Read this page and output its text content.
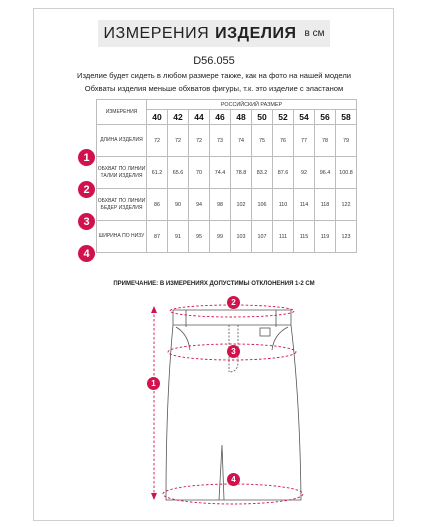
ИЗМЕРЕНИЯ ИЗДЕЛИЯ в см
D56.055
Изделие будет сидеть в любом размере также, как на фото на нашей модели
Обхваты изделия меньше обхватов фигуры, т.к. это изделие с эластаном
1
2
3
4
ИЗМЕРЕНИЯ	РОССИЙСКИЙ РАЗМЕР									
	40	42	44	46	48	50	52	54	56	58
ДЛИНА ИЗДЕЛИЯ	72	72	72	73	74	75	76	77	78	79
ОБХВАТ ПО ЛИНИИ ТАЛИИ ИЗДЕЛИЯ	61.2	65.6	70	74.4	78.8	83.2	87.6	92	96.4	100.8
ОБХВАТ ПО ЛИНИИ БЕДЕР ИЗДЕЛИЯ	86	90	94	98	102	106	110	114	118	122
ШИРИНА ПО НИЗУ	87	91	95	99	103	107	111	115	119	123
ПРИМЕЧАНИЕ: В ИЗМЕРЕНИЯХ ДОПУСТИМЫ ОТКЛОНЕНИЯ 1-2 СМ
2
3
1
4
